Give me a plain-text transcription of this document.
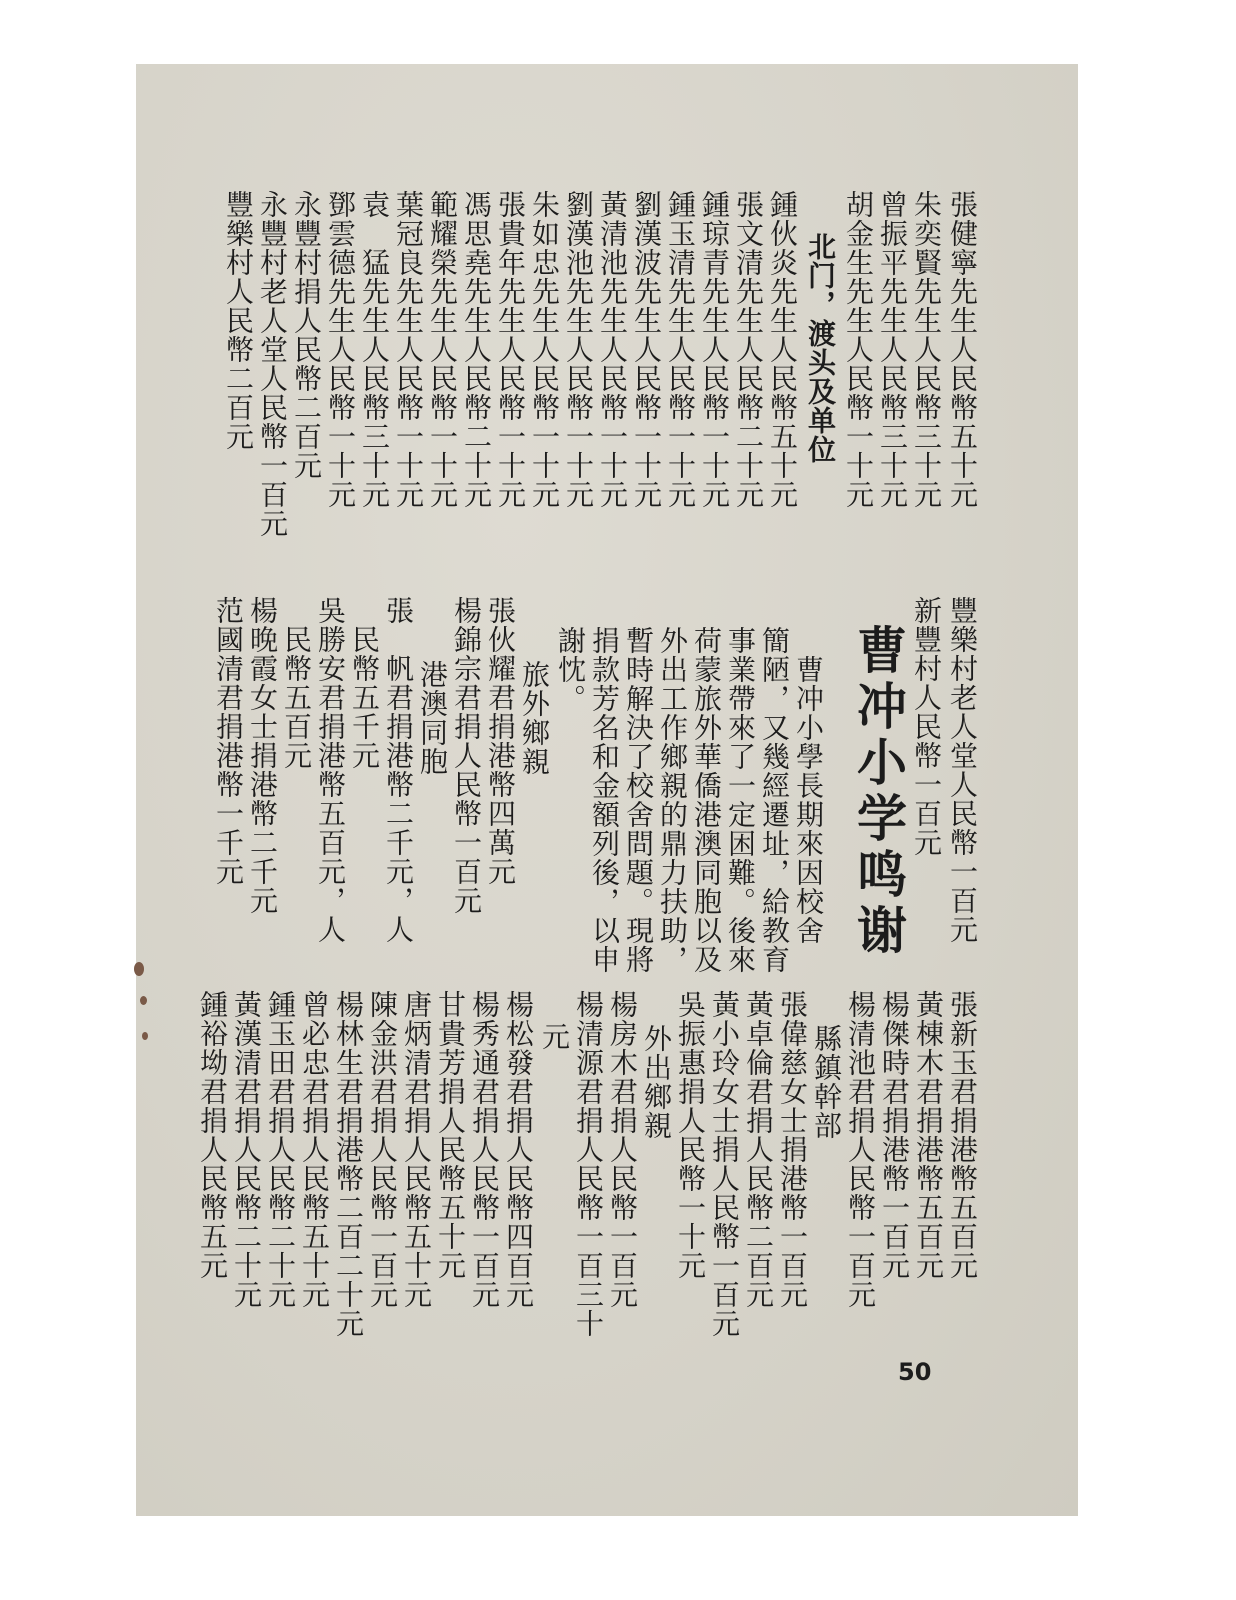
張健寧先生人民幣五十元
朱奕賢先生人民幣三十元
曾振平先生人民幣三十元
胡金生先生人民幣一十元
北门，渡头及单位
鍾伙炎先生人民幣五十元
張文清先生人民幣二十元
鍾琼青先生人民幣一十元
鍾玉清先生人民幣一十元
劉漢波先生人民幣一十元
黃清池先生人民幣一十元
劉漢池先生人民幣一十元
朱如忠先生人民幣一十元
張貴年先生人民幣一十元
馮思堯先生人民幣二十元
範耀榮先生人民幣一十元
葉冠良先生人民幣一十元
袁　猛先生人民幣三十元
鄧雲德先生人民幣一十元
永豐村捐人民幣二百元
永豐村老人堂人民幣一百元
豐樂村人民幣二百元
豐樂村老人堂人民幣一百元
新豐村人民幣一百元
曹冲小学鸣谢
　曹冲小學長期來因校舍
簡陋，又幾經遷址，給教育
事業帶來了一定困難。後來
荷蒙旅外華僑港澳同胞以及
外出工作鄉親的鼎力扶助，
暫時解決了校舍問題。現將
捐款芳名和金額列後，以申
謝忱。
旅外鄉親
張伙耀君捐港幣四萬元
楊錦宗君捐人民幣一百元
港澳同胞
張　帆君捐港幣二千元，人
　民幣五千元
吳勝安君捐港幣五百元，人
　民幣五百元
楊晚霞女士捐港幣二千元
范國清君捐港幣一千元
張新玉君捐港幣五百元
黃棟木君捐港幣五百元
楊傑時君捐港幣一百元
楊清池君捐人民幣一百元
縣鎮幹部
張偉慈女士捐港幣一百元
黃卓倫君捐人民幣二百元
黃小玲女士捐人民幣一百元
吳振惠捐人民幣一十元
外出鄉親
楊房木君捐人民幣一百元
楊清源君捐人民幣一百三十
元
楊松發君捐人民幣四百元
楊秀通君捐人民幣一百元
甘貴芳捐人民幣五十元
唐炳清君捐人民幣五十元
陳金洪君捐人民幣一百元
楊林生君捐港幣二百二十元
曾必忠君捐人民幣五十元
鍾玉田君捐人民幣二十元
黃漢清君捐人民幣二十元
鍾裕坳君捐人民幣五元
50
